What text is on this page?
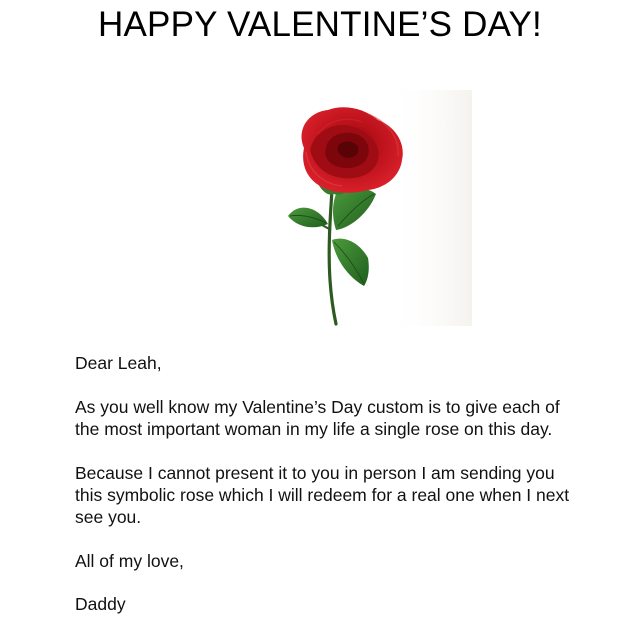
HAPPY VALENTINE’S DAY!

Dear Leah,

As you well know my Valentine’s Day custom is to give each of the most important woman in my life a single rose on this day.

Because I cannot present it to you in person I am sending you this symbolic rose which I will redeem for a real one when I next see you.

All of my love,

Daddy
